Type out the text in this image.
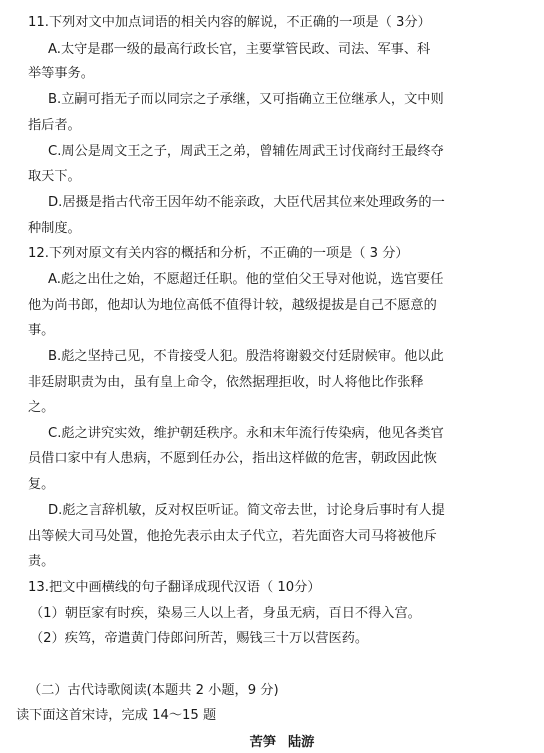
11.下列对文中加点词语的相关内容的解说，不正确的一项是（ 3分）
A.太守是郡一级的最高行政长官，主要掌管民政、司法、军事、科
举等事务。
B.立嗣可指无子而以同宗之子承继，又可指确立王位继承人，文中则
指后者。
C.周公是周文王之子，周武王之弟，曾辅佐周武王讨伐商纣王最终夺
取天下。
D.居摄是指古代帝王因年幼不能亲政，大臣代居其位来处理政务的一
种制度。
12.下列对原文有关内容的概括和分析，不正确的一项是（ 3 分）
A.彪之出仕之始，不愿超迁任职。他的堂伯父王导对他说，选官要任
他为尚书郎，他却认为地位高低不值得计较，越级提拔是自己不愿意的
事。
B.彪之坚持己见，不肯接受人犯。殷浩将谢毅交付廷尉候审。他以此
非廷尉职责为由，虽有皇上命令，依然据理拒收，时人将他比作张释
之。
C.彪之讲究实效，维护朝廷秩序。永和末年流行传染病，他见各类官
员借口家中有人患病，不愿到任办公，指出这样做的危害，朝政因此恢
复。
D.彪之言辞机敏，反对权臣听证。简文帝去世，讨论身后事时有人提
出等候大司马处置，他抢先表示由太子代立，若先面咨大司马将被他斥
责。
13.把文中画横线的句子翻译成现代汉语（ 10分）
（1）朝臣家有时疾，染易三人以上者，身虽无病，百日不得入宫。
（2）疾笃，帝遣黄门侍郎问所苦，赐钱三十万以营医药。
（二）古代诗歌阅读(本题共 2 小题，9 分)
读下面这首宋诗，完成 14～15 题
苦笋 陆游
